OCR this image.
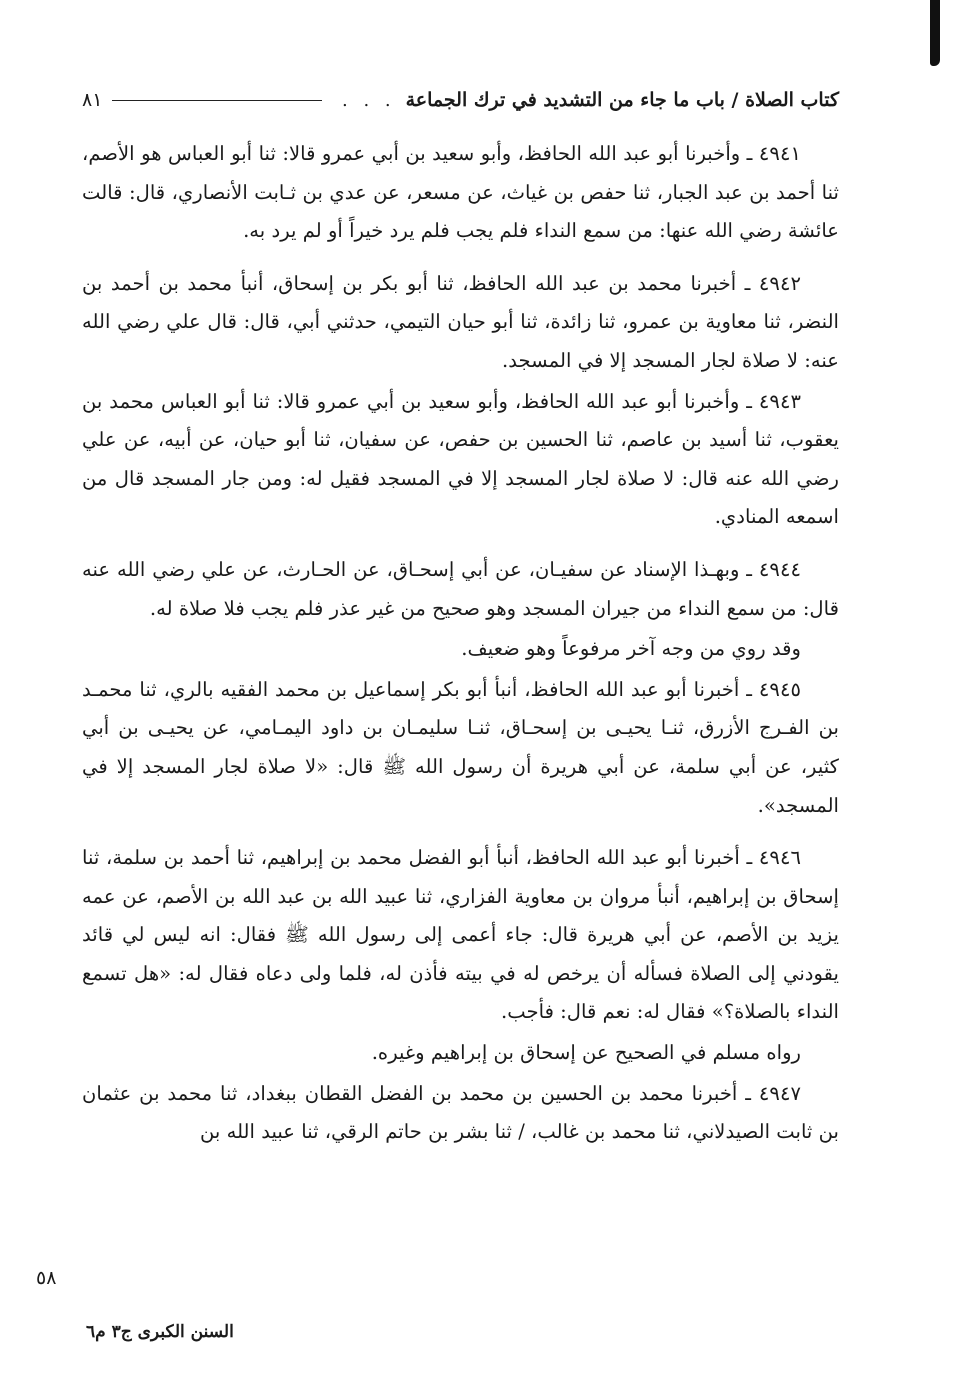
كتاب الصلاة / باب ما جاء من التشديد في ترك الجماعة
. . .
٨١

٤٩٤١ ـ وأخبرنا أبو عبد الله الحافظ، وأبو سعيد بن أبي عمرو قالا: ثنا أبو العباس هو الأصم، ثنا أحمد بن عبد الجبار، ثنا حفص بن غياث، عن مسعر، عن عدي بن ثـابت الأنصاري، قال: قالت عائشة رضي الله عنها: من سمع النداء فلم يجب فلم يرد خيراً أو لم يرد به.

٤٩٤٢ ـ أخبرنا محمد بن عبد الله الحافظ، ثنا أبو بكر بن إسحاق، أنبأ محمد بن أحمد بن النضر، ثنا معاوية بن عمرو، ثنا زائدة، ثنا أبو حيان التيمي، حدثني أبي، قال: قال علي رضي الله عنه: لا صلاة لجار المسجد إلا في المسجد.

٤٩٤٣ ـ وأخبرنا أبو عبد الله الحافظ، وأبو سعيد بن أبي عمرو قالا: ثنا أبو العباس محمد بن يعقوب، ثنا أسيد بن عاصم، ثنا الحسين بن حفص، عن سفيان، ثنا أبو حيان، عن أبيه، عن علي رضي الله عنه قال: لا صلاة لجار المسجد إلا في المسجد فقيل له: ومن جار المسجد قال من اسمعه المنادي.

٤٩٤٤ ـ وبهـذا الإسناد عن سفيـان، عن أبي إسحـاق، عن الحـارث، عن علي رضي الله عنه قال: من سمع النداء من جيران المسجد وهو صحيح من غير عذر فلم يجب فلا صلاة له.

وقد روي من وجه آخر مرفوعاً وهو ضعيف.

٤٩٤٥ ـ أخبرنا أبو عبد الله الحافظ، أنبأ أبو بكر إسماعيل بن محمد الفقيه بالري، ثنا محمـد بن الفـرج الأزرق، ثنـا يحيـى بن إسحـاق، ثنـا سليمـان بن داود اليمـامي، عن يحيـى بن أبي كثير، عن أبي سلمة، عن أبي هريرة أن رسول الله ﷺ قال: «لا صلاة لجار المسجد إلا في المسجد».

٤٩٤٦ ـ أخبرنا أبو عبد الله الحافظ، أنبأ أبو الفضل محمد بن إبراهيم، ثنا أحمد بن سلمة، ثنا إسحاق بن إبراهيم، أنبأ مروان بن معاوية الفزاري، ثنا عبيد الله بن عبد الله بن الأصم، عن عمه يزيد بن الأصم، عن أبي هريرة قال: جاء أعمى إلى رسول الله ﷺ فقال: انه ليس لي قائد يقودني إلى الصلاة فسأله أن يرخص له في بيته فأذن له، فلما ولى دعاه فقال له: «هل تسمع النداء بالصلاة؟» فقال له: نعم قال: فأجب.

رواه مسلم في الصحيح عن إسحاق بن إبراهيم وغيره.

٤٩٤٧ ـ أخبرنا محمد بن الحسين بن محمد بن الفضل القطان ببغداد، ثنا محمد بن عثمان بن ثابت الصيدلاني، ثنا محمد بن غالب، / ثنا بشر بن حاتم الرقي، ثنا عبيد الله بن

٥٨
السنن الكبرى ج٣ م٦
